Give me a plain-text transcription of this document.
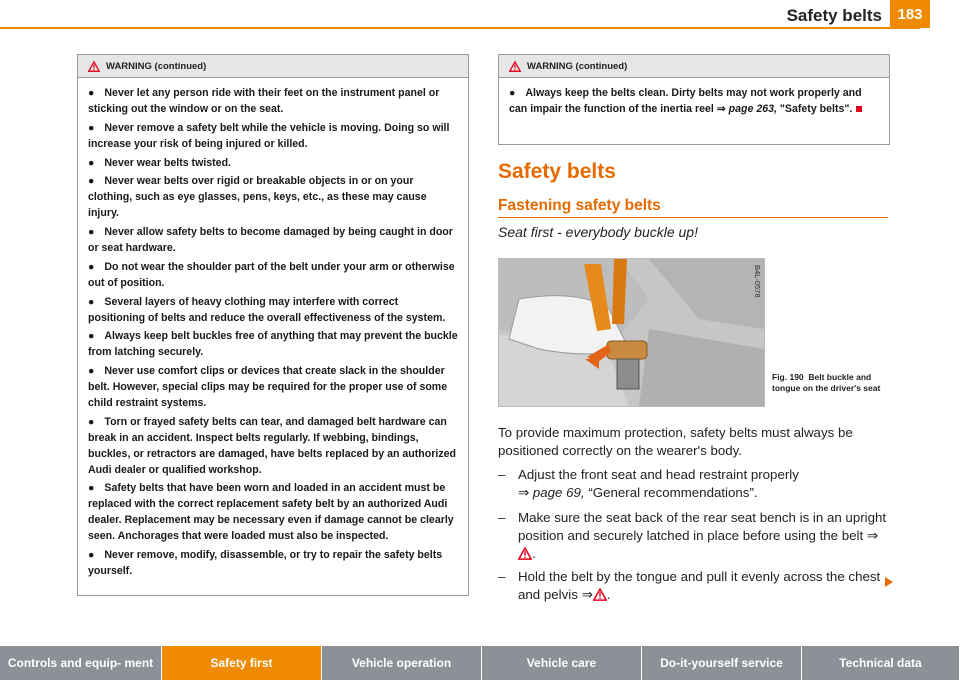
Safety belts	183
WARNING (continued)

● Never let any person ride with their feet on the instrument panel or sticking out the window or on the seat.

● Never remove a safety belt while the vehicle is moving. Doing so will increase your risk of being injured or killed.

● Never wear belts twisted.

● Never wear belts over rigid or breakable objects in or on your clothing, such as eye glasses, pens, keys, etc., as these may cause injury.

● Never allow safety belts to become damaged by being caught in door or seat hardware.

● Do not wear the shoulder part of the belt under your arm or otherwise out of position.

● Several layers of heavy clothing may interfere with correct positioning of belts and reduce the overall effectiveness of the system.

● Always keep belt buckles free of anything that may prevent the buckle from latching securely.

● Never use comfort clips or devices that create slack in the shoulder belt. However, special clips may be required for the proper use of some child restraint systems.

● Torn or frayed safety belts can tear, and damaged belt hardware can break in an accident. Inspect belts regularly. If webbing, bindings, buckles, or retractors are damaged, have belts replaced by an authorized Audi dealer or qualified workshop.

● Safety belts that have been worn and loaded in an accident must be replaced with the correct replacement safety belt by an authorized Audi dealer. Replacement may be necessary even if damage cannot be clearly seen. Anchorages that were loaded must also be inspected.

● Never remove, modify, disassemble, or try to repair the safety belts yourself.

WARNING (continued)

● Always keep the belts clean. Dirty belts may not work properly and can impair the function of the inertia reel ⇒ page 263, "Safety belts".

Safety belts
Fastening safety belts
Seat first - everybody buckle up!
B4L-0578
Fig. 190 Belt buckle and tongue on the driver's seat
To provide maximum protection, safety belts must always be positioned correctly on the wearer's body.
– Adjust the front seat and head restraint properly
⇒ page 69, “General recommendations”.
– Make sure the seat back of the rear seat bench is in an upright position and securely latched in place before using the belt ⇒.
– Hold the belt by the tongue and pull it evenly across the chest and pelvis ⇒ .
Controls and equip- ment	Safety first	Vehicle operation	Vehicle care	Do-it-yourself service	Technical data
